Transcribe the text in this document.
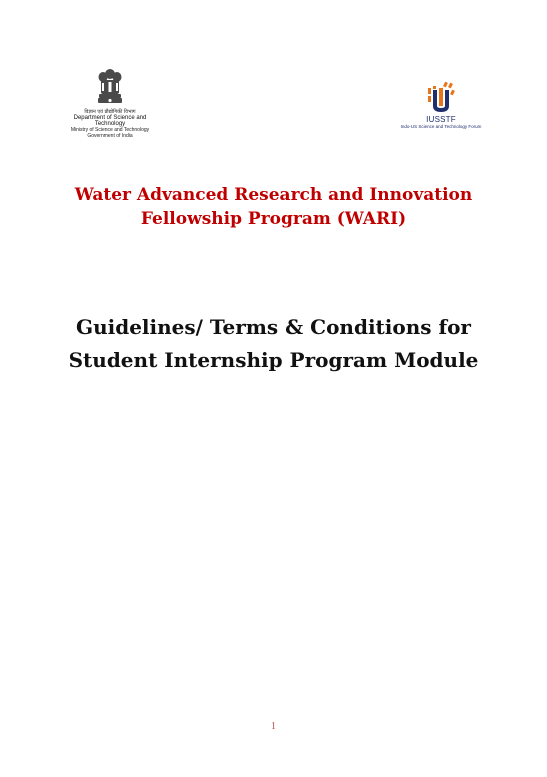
विज्ञान एवं प्रौद्योगिकी विभाग
Department of Science and Technology
Ministry of Science and Technology
Government of India
IUSSTF
Indo-US Science and Technology Forum
Water Advanced Research and Innovation
Fellowship Program (WARI)
Guidelines/ Terms & Conditions for
Student Internship Program Module
1
